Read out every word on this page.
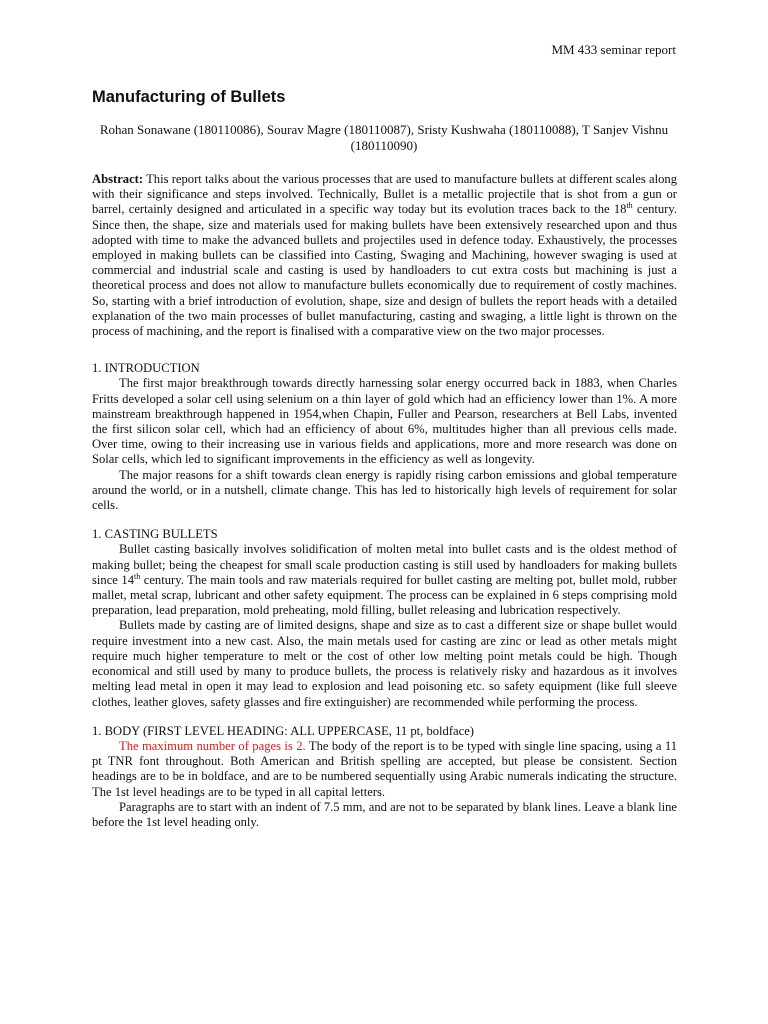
MM 433 seminar report
Manufacturing of Bullets

Rohan Sonawane (180110086), Sourav Magre (180110087), Sristy Kushwaha (180110088), T Sanjev Vishnu (180110090)

Abstract: This report talks about the various processes that are used to manufacture bullets at different scales along with their significance and steps involved. Technically, Bullet is a metallic projectile that is shot from a gun or barrel, certainly designed and articulated in a specific way today but its evolution traces back to the 18th century. Since then, the shape, size and materials used for making bullets have been extensively researched upon and thus adopted with time to make the advanced bullets and projectiles used in defence today. Exhaustively, the processes employed in making bullets can be classified into Casting, Swaging and Machining, however swaging is used at commercial and industrial scale and casting is used by handloaders to cut extra costs but machining is just a theoretical process and does not allow to manufacture bullets economically due to requirement of costly machines. So, starting with a brief introduction of evolution, shape, size and design of bullets the report heads with a detailed explanation of the two main processes of bullet manufacturing, casting and swaging, a little light is thrown on the process of machining, and the report is finalised with a comparative view on the two major processes.

1. INTRODUCTION

The first major breakthrough towards directly harnessing solar energy occurred back in 1883, when Charles Fritts developed a solar cell using selenium on a thin layer of gold which had an efficiency lower than 1%. A more mainstream breakthrough happened in 1954,when Chapin, Fuller and Pearson, researchers at Bell Labs, invented the first silicon solar cell, which had an efficiency of about 6%, multitudes higher than all previous cells made. Over time, owing to their increasing use in various fields and applications, more and more research was done on Solar cells, which led to significant improvements in the efficiency as well as longevity.

The major reasons for a shift towards clean energy is rapidly rising carbon emissions and global temperature around the world, or in a nutshell, climate change. This has led to historically high levels of requirement for solar cells.

1. CASTING BULLETS

Bullet casting basically involves solidification of molten metal into bullet casts and is the oldest method of making bullet; being the cheapest for small scale production casting is still used by handloaders for making bullets since 14th century. The main tools and raw materials required for bullet casting are melting pot, bullet mold, rubber mallet, metal scrap, lubricant and other safety equipment. The process can be explained in 6 steps comprising mold preparation, lead preparation, mold preheating, mold filling, bullet releasing and lubrication respectively.

Bullets made by casting are of limited designs, shape and size as to cast a different size or shape bullet would require investment into a new cast. Also, the main metals used for casting are zinc or lead as other metals might require much higher temperature to melt or the cost of other low melting point metals could be high. Though economical and still used by many to produce bullets, the process is relatively risky and hazardous as it involves melting lead metal in open it may lead to explosion and lead poisoning etc. so safety equipment (like full sleeve clothes, leather gloves, safety glasses and fire extinguisher) are recommended while performing the process.

1. BODY (FIRST LEVEL HEADING: ALL UPPERCASE, 11 pt, boldface)

The maximum number of pages is 2. The body of the report is to be typed with single line spacing, using a 11 pt TNR font throughout. Both American and British spelling are accepted, but please be consistent. Section headings are to be in boldface, and are to be numbered sequentially using Arabic numerals indicating the structure. The 1st level headings are to be typed in all capital letters.

Paragraphs are to start with an indent of 7.5 mm, and are not to be separated by blank lines. Leave a blank line before the 1st level heading only.
